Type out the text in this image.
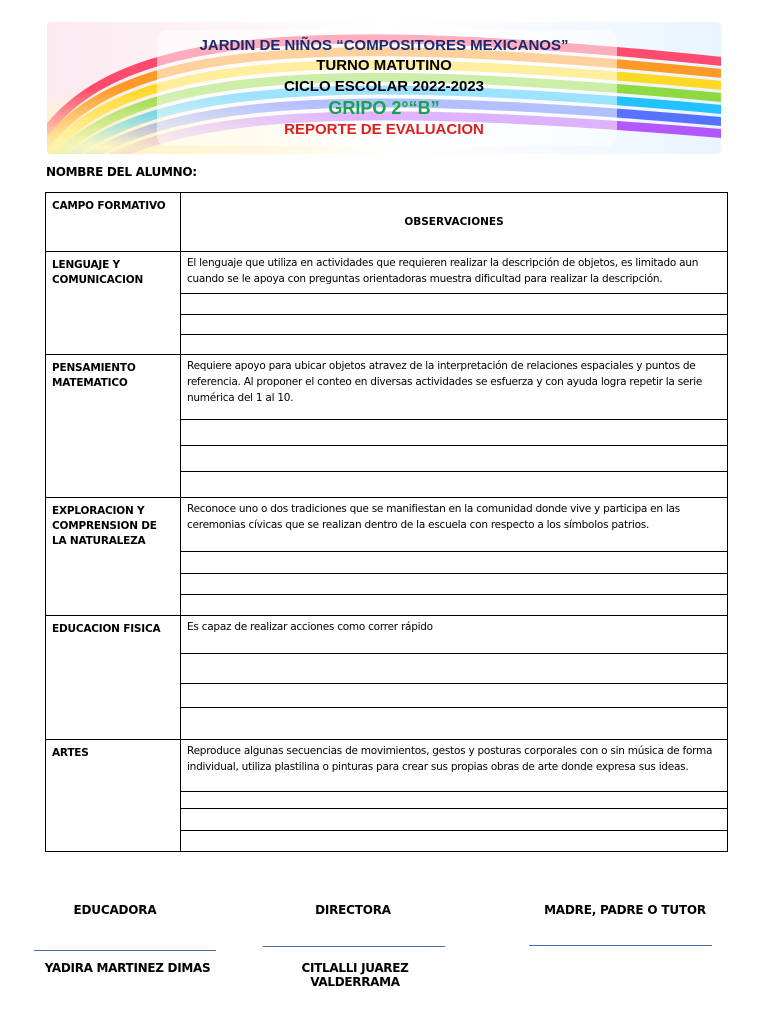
JARDIN DE NIÑOS “COMPOSITORES MEXICANOS”
TURNO MATUTINO
CICLO ESCOLAR 2022-2023
GRIPO 2°“B”
REPORTE DE EVALUACION
NOMBRE DEL ALUMNO:
CAMPO FORMATIVO	OBSERVACIONES
LENGUAJE Y COMUNICACION	El lenguaje que utiliza en actividades que requieren realizar la descripción de objetos, es limitado aun cuando se le apoya con preguntas orientadoras muestra dificultad para realizar la descripción.

PENSAMIENTO MATEMATICO	Requiere apoyo para ubicar objetos atravez de la interpretación de relaciones espaciales y puntos de referencia. Al proponer el conteo en diversas actividades se esfuerza y con ayuda logra repetir la serie numérica del 1 al 10.

EXPLORACION Y COMPRENSION DE LA NATURALEZA	Reconoce uno o dos tradiciones que se manifiestan en la comunidad donde vive y participa en las ceremonias cívicas que se realizan dentro de la escuela con respecto a los símbolos patrios.

EDUCACION FISICA	Es capaz de realizar acciones como correr rápido

ARTES	Reproduce algunas secuencias de movimientos, gestos y posturas corporales con o sin música de forma individual, utiliza plastilina o pinturas para crear sus propias obras de arte donde expresa sus ideas.

EDUCADORA	DIRECTORA	MADRE, PADRE O TUTOR
YADIRA MARTINEZ DIMAS	CITLALLI JUAREZ VALDERRAMA
